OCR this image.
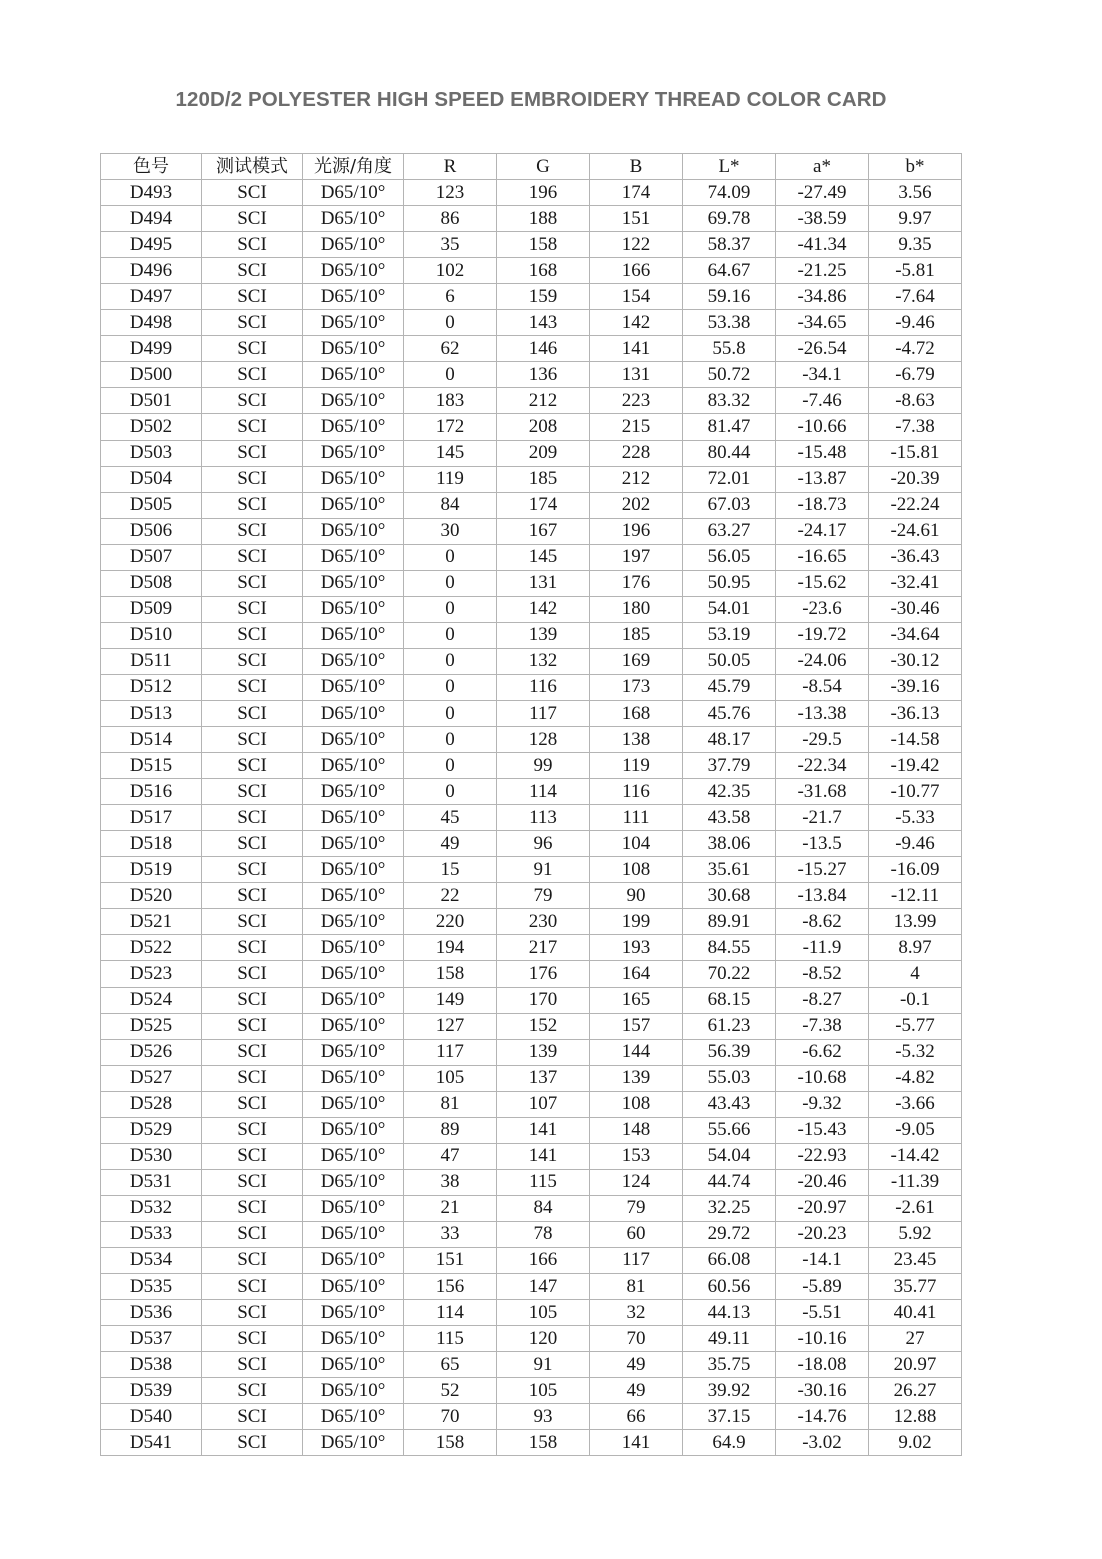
120D/2 POLYESTER HIGH SPEED EMBROIDERY THREAD COLOR CARD
色号	测试模式	光源/角度	R	G	B	L*	a*	b*
D493	SCI	D65/10°	123	196	174	74.09	-27.49	3.56
D494	SCI	D65/10°	86	188	151	69.78	-38.59	9.97
D495	SCI	D65/10°	35	158	122	58.37	-41.34	9.35
D496	SCI	D65/10°	102	168	166	64.67	-21.25	-5.81
D497	SCI	D65/10°	6	159	154	59.16	-34.86	-7.64
D498	SCI	D65/10°	0	143	142	53.38	-34.65	-9.46
D499	SCI	D65/10°	62	146	141	55.8	-26.54	-4.72
D500	SCI	D65/10°	0	136	131	50.72	-34.1	-6.79
D501	SCI	D65/10°	183	212	223	83.32	-7.46	-8.63
D502	SCI	D65/10°	172	208	215	81.47	-10.66	-7.38
D503	SCI	D65/10°	145	209	228	80.44	-15.48	-15.81
D504	SCI	D65/10°	119	185	212	72.01	-13.87	-20.39
D505	SCI	D65/10°	84	174	202	67.03	-18.73	-22.24
D506	SCI	D65/10°	30	167	196	63.27	-24.17	-24.61
D507	SCI	D65/10°	0	145	197	56.05	-16.65	-36.43
D508	SCI	D65/10°	0	131	176	50.95	-15.62	-32.41
D509	SCI	D65/10°	0	142	180	54.01	-23.6	-30.46
D510	SCI	D65/10°	0	139	185	53.19	-19.72	-34.64
D511	SCI	D65/10°	0	132	169	50.05	-24.06	-30.12
D512	SCI	D65/10°	0	116	173	45.79	-8.54	-39.16
D513	SCI	D65/10°	0	117	168	45.76	-13.38	-36.13
D514	SCI	D65/10°	0	128	138	48.17	-29.5	-14.58
D515	SCI	D65/10°	0	99	119	37.79	-22.34	-19.42
D516	SCI	D65/10°	0	114	116	42.35	-31.68	-10.77
D517	SCI	D65/10°	45	113	111	43.58	-21.7	-5.33
D518	SCI	D65/10°	49	96	104	38.06	-13.5	-9.46
D519	SCI	D65/10°	15	91	108	35.61	-15.27	-16.09
D520	SCI	D65/10°	22	79	90	30.68	-13.84	-12.11
D521	SCI	D65/10°	220	230	199	89.91	-8.62	13.99
D522	SCI	D65/10°	194	217	193	84.55	-11.9	8.97
D523	SCI	D65/10°	158	176	164	70.22	-8.52	4
D524	SCI	D65/10°	149	170	165	68.15	-8.27	-0.1
D525	SCI	D65/10°	127	152	157	61.23	-7.38	-5.77
D526	SCI	D65/10°	117	139	144	56.39	-6.62	-5.32
D527	SCI	D65/10°	105	137	139	55.03	-10.68	-4.82
D528	SCI	D65/10°	81	107	108	43.43	-9.32	-3.66
D529	SCI	D65/10°	89	141	148	55.66	-15.43	-9.05
D530	SCI	D65/10°	47	141	153	54.04	-22.93	-14.42
D531	SCI	D65/10°	38	115	124	44.74	-20.46	-11.39
D532	SCI	D65/10°	21	84	79	32.25	-20.97	-2.61
D533	SCI	D65/10°	33	78	60	29.72	-20.23	5.92
D534	SCI	D65/10°	151	166	117	66.08	-14.1	23.45
D535	SCI	D65/10°	156	147	81	60.56	-5.89	35.77
D536	SCI	D65/10°	114	105	32	44.13	-5.51	40.41
D537	SCI	D65/10°	115	120	70	49.11	-10.16	27
D538	SCI	D65/10°	65	91	49	35.75	-18.08	20.97
D539	SCI	D65/10°	52	105	49	39.92	-30.16	26.27
D540	SCI	D65/10°	70	93	66	37.15	-14.76	12.88
D541	SCI	D65/10°	158	158	141	64.9	-3.02	9.02
